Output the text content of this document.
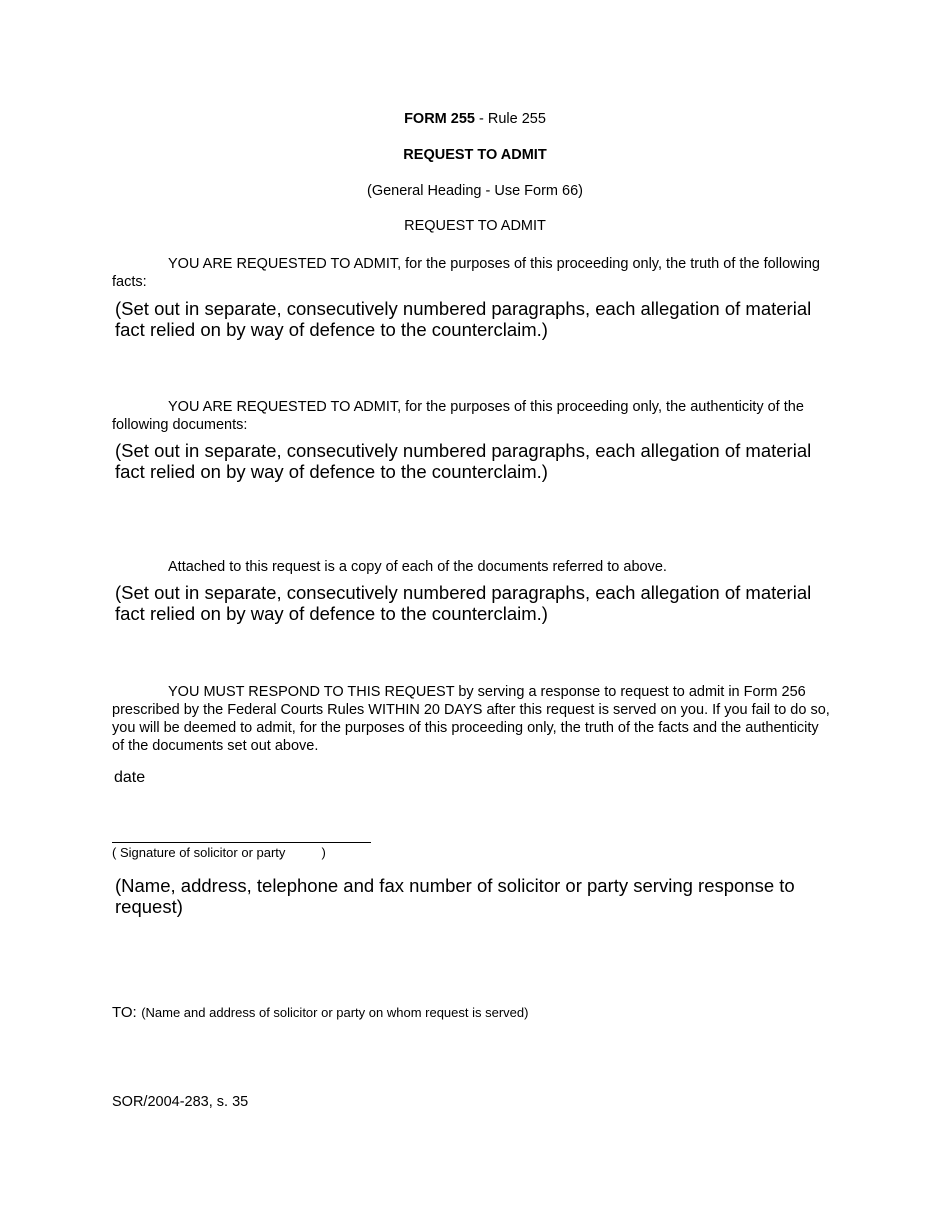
FORM 255 - Rule 255
REQUEST TO ADMIT
(General Heading - Use Form 66)
REQUEST TO ADMIT
YOU ARE REQUESTED TO ADMIT, for the purposes of this proceeding only, the truth of the following facts:
(Set out in separate, consecutively numbered paragraphs, each allegation of material fact relied on by way of defence to the counterclaim.)
YOU ARE REQUESTED TO ADMIT, for the purposes of this proceeding only, the authenticity of the following documents:
(Set out in separate, consecutively numbered paragraphs, each allegation of material fact relied on by way of defence to the counterclaim.)
Attached to this request is a copy of each of the documents referred to above.
(Set out in separate, consecutively numbered paragraphs, each allegation of material fact relied on by way of defence to the counterclaim.)
YOU MUST RESPOND TO THIS REQUEST by serving a response to request to admit in Form 256 prescribed by the Federal Courts Rules WITHIN 20 DAYS after this request is served on you. If you fail to do so, you will be deemed to admit, for the purposes of this proceeding only, the truth of the facts and the authenticity of the documents set out above.
date
( Signature of solicitor or party          )
(Name, address, telephone and fax number of solicitor or party serving response to request)
TO: (Name and address of solicitor or party on whom request is served)
SOR/2004-283, s. 35
